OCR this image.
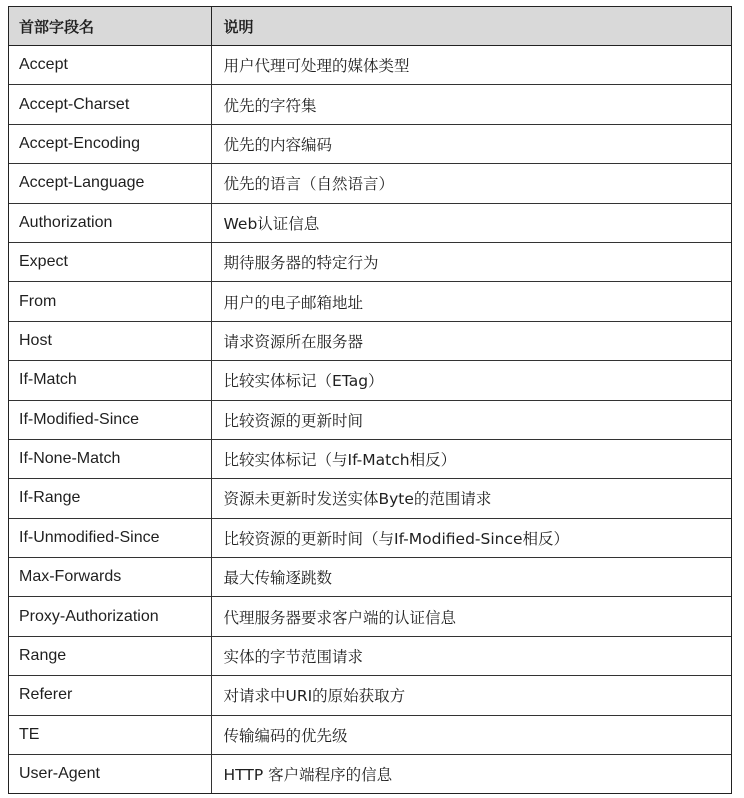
首部字段名	说明
Accept	用户代理可处理的媒体类型
Accept-Charset	优先的字符集
Accept-Encoding	优先的内容编码
Accept-Language	优先的语言（自然语言）
Authorization	Web认证信息
Expect	期待服务器的特定行为
From	用户的电子邮箱地址
Host	请求资源所在服务器
If-Match	比较实体标记（ETag）
If-Modified-Since	比较资源的更新时间
If-None-Match	比较实体标记（与If-Match相反）
If-Range	资源未更新时发送实体Byte的范围请求
If-Unmodified-Since	比较资源的更新时间（与If-Modified-Since相反）
Max-Forwards	最大传输逐跳数
Proxy-Authorization	代理服务器要求客户端的认证信息
Range	实体的字节范围请求
Referer	对请求中URI的原始获取方
TE	传输编码的优先级
User-Agent	HTTP 客户端程序的信息
